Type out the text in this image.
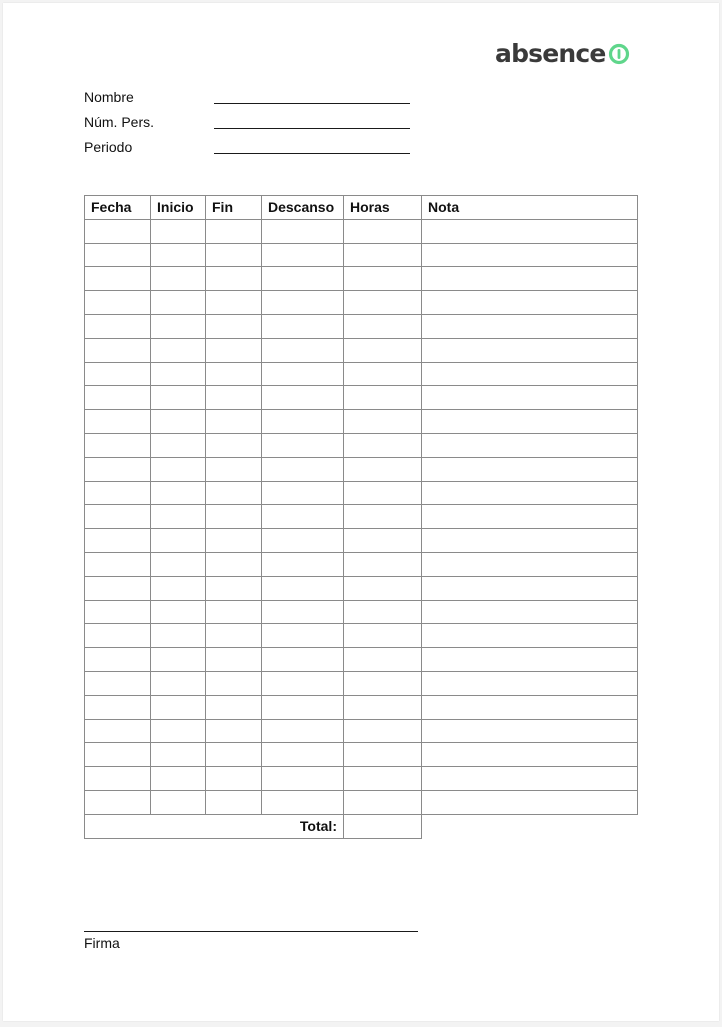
absence
Nombre
Núm. Pers.
Periodo
Fecha	Inicio	Fin	Descanso	Horas	Nota

Total:					
Firma
